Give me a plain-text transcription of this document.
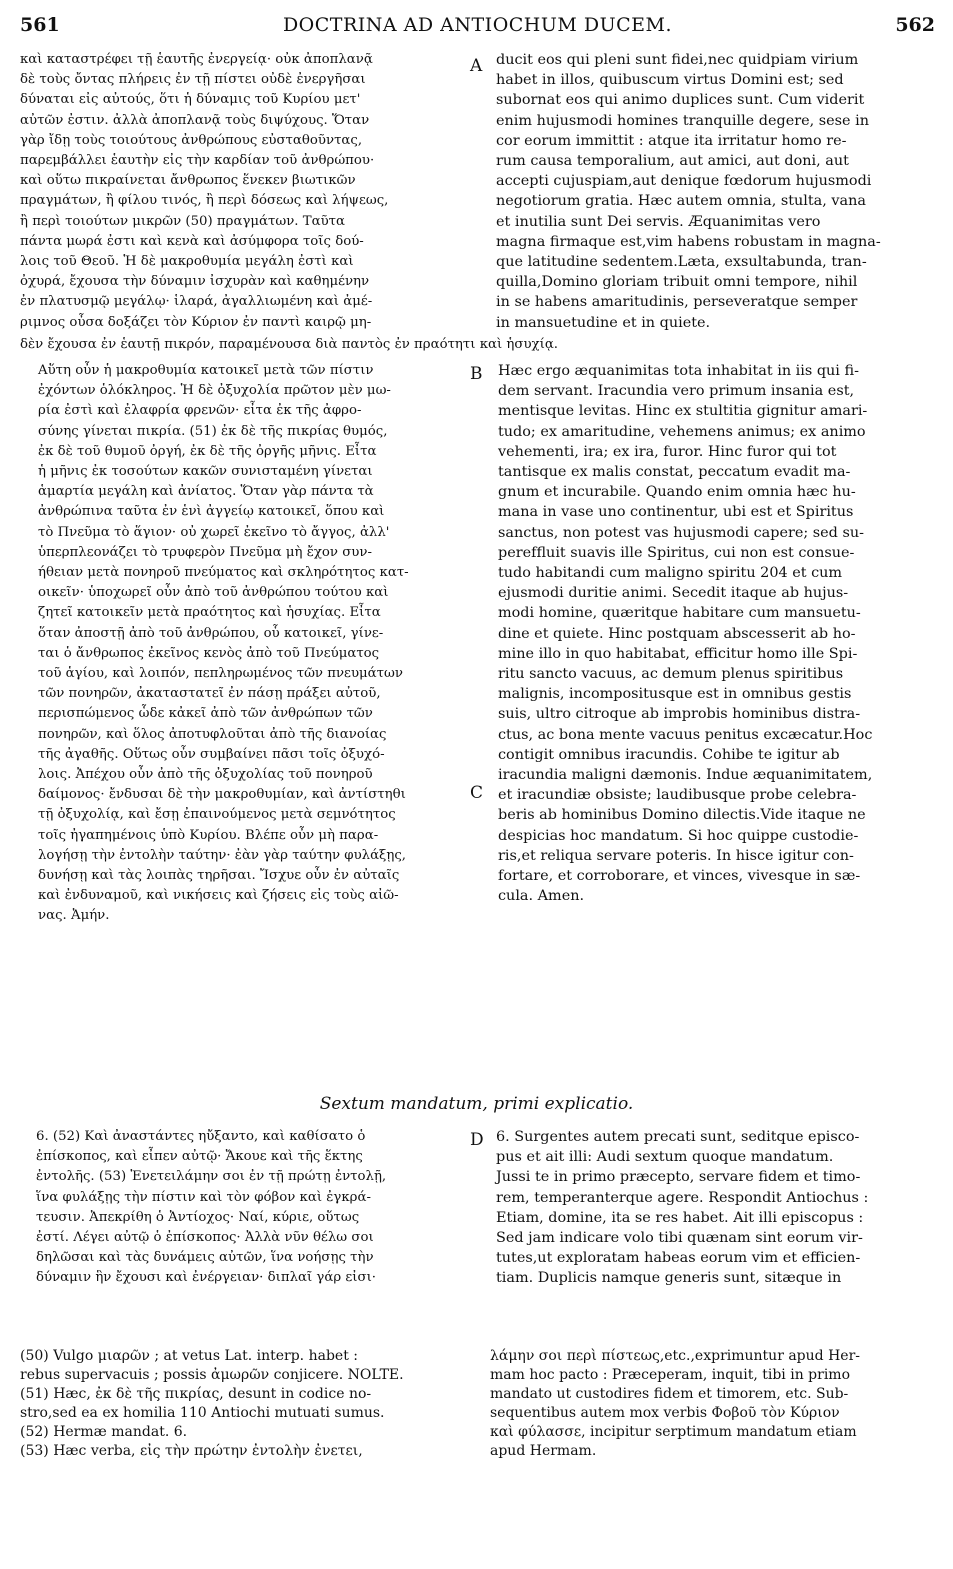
561	DOCTRINA AD ANTIOCHUM DUCEM.	562
καὶ καταστρέφει τῇ ἑαυτῆς ἐνεργείᾳ· οὐκ ἀποπλανᾷ
δὲ τοὺς ὄντας πλήρεις ἐν τῇ πίστει οὐδὲ ἐνεργῆσαι
δύναται εἰς αὐτούς, ὅτι ἡ δύναμις τοῦ Κυρίου μετ'
αὐτῶν ἐστιν. ἀλλὰ ἀποπλανᾷ τοὺς διψύχους. Ὅταν
γὰρ ἴδῃ τοὺς τοιούτους ἀνθρώπους εὐσταθοῦντας,
παρεμβάλλει ἑαυτὴν εἰς τὴν καρδίαν τοῦ ἀνθρώπου·
καὶ οὕτω πικραίνεται ἄνθρωπος ἕνεκεν βιωτικῶν
πραγμάτων, ἢ φίλου τινός, ἢ περὶ δόσεως καὶ λήψεως,
ἢ περὶ τοιούτων μικρῶν (50) πραγμάτων. Ταῦτα
πάντα μωρά ἐστι καὶ κενὰ καὶ ἀσύμφορα τοῖς δού-
λοις τοῦ Θεοῦ. Ἡ δὲ μακροθυμία μεγάλη ἐστὶ καὶ
ὀχυρά, ἔχουσα τὴν δύναμιν ἰσχυρὰν καὶ καθημένην
ἐν πλατυσμῷ μεγάλῳ· ἱλαρά, ἀγαλλιωμένη καὶ ἀμέ-
ριμνος οὖσα δοξάζει τὸν Κύριον ἐν παντὶ καιρῷ μη-
A ducit eos qui pleni sunt fidei,nec quidpiam virium
habet in illos, quibuscum virtus Domini est; sed
subornat eos qui animo duplices sunt. Cum viderit
enim hujusmodi homines tranquille degere, sese in
cor eorum immittit : atque ita irritatur homo re-
rum causa temporalium, aut amici, aut doni, aut
accepti cujuspiam,aut denique fœdorum hujusmodi
negotiorum gratia. Hæc autem omnia, stulta, vana
et inutilia sunt Dei servis. Æquanimitas vero
magna firmaque est,vim habens robustam in magna-
que latitudine sedentem.Læta, exsultabunda, tran-
quilla,Domino gloriam tribuit omni tempore, nihil
in se habens amaritudinis, perseveratque semper
in mansuetudine et in quiete.
δὲν ἔχουσα ἐν ἑαυτῇ πικρόν, παραμένουσα διὰ παντὸς ἐν πραότητι καὶ ἡσυχίᾳ.
Αὕτη οὖν ἡ μακροθυμία κατοικεῖ μετὰ τῶν πίστιν
ἐχόντων ὁλόκληρος. Ἡ δὲ ὀξυχολία πρῶτον μὲν μω-
ρία ἐστὶ καὶ ἐλαφρία φρενῶν· εἶτα ἐκ τῆς ἀφρο-
σύνης γίνεται πικρία. (51) ἐκ δὲ τῆς πικρίας θυμός,
ἐκ δὲ τοῦ θυμοῦ ὀργή, ἐκ δὲ τῆς ὀργῆς μῆνις. Εἶτα
ἡ μῆνις ἐκ τοσούτων κακῶν συνισταμένη γίνεται
ἁμαρτία μεγάλη καὶ ἀνίατος. Ὅταν γὰρ πάντα τὰ
ἀνθρώπινα ταῦτα ἐν ἑνὶ ἀγγείῳ κατοικεῖ, ὅπου καὶ
τὸ Πνεῦμα τὸ ἅγιον· οὐ χωρεῖ ἐκεῖνο τὸ ἄγγος, ἀλλ'
ὑπερπλεονάζει τὸ τρυφερὸν Πνεῦμα μὴ ἔχον συν-
ήθειαν μετὰ πονηροῦ πνεύματος καὶ σκληρότητος κατ-
οικεῖν· ὑποχωρεῖ οὖν ἀπὸ τοῦ ἀνθρώπου τούτου καὶ
ζητεῖ κατοικεῖν μετὰ πραότητος καὶ ἡσυχίας. Εἶτα
ὅταν ἀποστῇ ἀπὸ τοῦ ἀνθρώπου, οὗ κατοικεῖ, γίνε-
ται ὁ ἄνθρωπος ἐκεῖνος κενὸς ἀπὸ τοῦ Πνεύματος
τοῦ ἁγίου, καὶ λοιπόν, πεπληρωμένος τῶν πνευμάτων
τῶν πονηρῶν, ἀκαταστατεῖ ἐν πάσῃ πράξει αὐτοῦ,
περισπώμενος ὧδε κἀκεῖ ἀπὸ τῶν ἀνθρώπων τῶν
πονηρῶν, καὶ ὅλος ἀποτυφλοῦται ἀπὸ τῆς διανοίας
τῆς ἀγαθῆς. Οὕτως οὖν συμβαίνει πᾶσι τοῖς ὀξυχό-
λοις. Ἀπέχου οὖν ἀπὸ τῆς ὀξυχολίας τοῦ πονηροῦ
δαίμονος· ἔνδυσαι δὲ τὴν μακροθυμίαν, καὶ ἀντίστηθι
τῇ ὀξυχολίᾳ, καὶ ἔσῃ ἐπαινούμενος μετὰ σεμνότητος
τοῖς ἠγαπημένοις ὑπὸ Κυρίου. Βλέπε οὖν μὴ παρα-
λογήσῃ τὴν ἐντολὴν ταύτην· ἐὰν γὰρ ταύτην φυλάξῃς,
δυνήσῃ καὶ τὰς λοιπὰς τηρῆσαι. Ἴσχυε οὖν ἐν αὐταῖς
καὶ ἐνδυναμοῦ, καὶ νικήσεις καὶ ζήσεις εἰς τοὺς αἰῶ-
νας. Ἀμήν.
B
C
Hæc ergo æquanimitas tota inhabitat in iis qui fi-
dem servant. Iracundia vero primum insania est,
mentisque levitas. Hinc ex stultitia gignitur amari-
tudo; ex amaritudine, vehemens animus; ex animo
vehementi, ira; ex ira, furor. Hinc furor qui tot
tantisque ex malis constat, peccatum evadit ma-
gnum et incurabile. Quando enim omnia hæc hu-
mana in vase uno continentur, ubi est et Spiritus
sanctus, non potest vas hujusmodi capere; sed su-
perefﬂuit suavis ille Spiritus, cui non est consue-
tudo habitandi cum maligno spiritu 204 et cum
ejusmodi duritie animi. Secedit itaque ab hujus-
modi homine, quæritque habitare cum mansuetu-
dine et quiete. Hinc postquam abscesserit ab ho-
mine illo in quo habitabat, efficitur homo ille Spi-
ritu sancto vacuus, ac demum plenus spiritibus
malignis, incompositusque est in omnibus gestis
suis, ultro citroque ab improbis hominibus distra-
ctus, ac bona mente vacuus penitus excæcatur.Hoc
contigit omnibus iracundis. Cohibe te igitur ab
iracundia maligni dæmonis. Indue æquanimitatem,
et iracundiæ obsiste; laudibusque probe celebra-
beris ab hominibus Domino dilectis.Vide itaque ne
despicias hoc mandatum. Si hoc quippe custodie-
ris,et reliqua servare poteris. In hisce igitur con-
fortare, et corroborare, et vinces, vivesque in sæ-
cula. Amen.
Sextum mandatum, primi explicatio.
6. (52) Καὶ ἀναστάντες ηὔξαντο, καὶ καθίσατο ὁ
ἐπίσκοπος, καὶ εἶπεν αὐτῷ· Ἄκουε καὶ τῆς ἕκτης
ἐντολῆς. (53) Ἐνετειλάμην σοι ἐν τῇ πρώτῃ ἐντολῇ,
ἵνα φυλάξῃς τὴν πίστιν καὶ τὸν φόβον καὶ ἐγκρά-
τευσιν. Ἀπεκρίθη ὁ Ἀντίοχος· Ναί, κύριε, οὕτως
ἐστί. Λέγει αὐτῷ ὁ ἐπίσκοπος· Ἀλλὰ νῦν θέλω σοι
δηλῶσαι καὶ τὰς δυνάμεις αὐτῶν, ἵνα νοήσῃς τὴν
δύναμιν ἣν ἔχουσι καὶ ἐνέργειαν· διπλαῖ γάρ εἰσι·
D 6. Surgentes autem precati sunt, seditque episco-
pus et ait illi: Audi sextum quoque mandatum.
Jussi te in primo præcepto, servare fidem et timo-
rem, temperanterque agere. Respondit Antiochus :
Etiam, domine, ita se res habet. Ait illi episcopus :
Sed jam indicare volo tibi quænam sint eorum vir-
tutes,ut exploratam habeas eorum vim et efficien-
tiam. Duplicis namque generis sunt, sitæque in
(50) Vulgo μιαρῶν ; at vetus Lat. interp. habet :
rebus supervacuis ; possis ἀμωρῶν conjicere. NOLTE.
(51) Hæc, ἐκ δὲ τῆς πικρίας, desunt in codice no-
stro,sed ea ex homilia 110 Antiochi mutuati sumus.
(52) Hermæ mandat. 6.
(53) Hæc verba, εἰς τὴν πρώτην ἐντολὴν ἐνετει,
λάμην σοι περὶ πίστεως,etc.,exprimuntur apud Her-
mam hoc pacto : Præceperam, inquit, tibi in primo
mandato ut custodires fidem et timorem, etc. Sub-
sequentibus autem mox verbis Φοβοῦ τὸν Κύριον
καὶ φύλασσε, incipitur serptimum mandatum etiam
apud Hermam.
